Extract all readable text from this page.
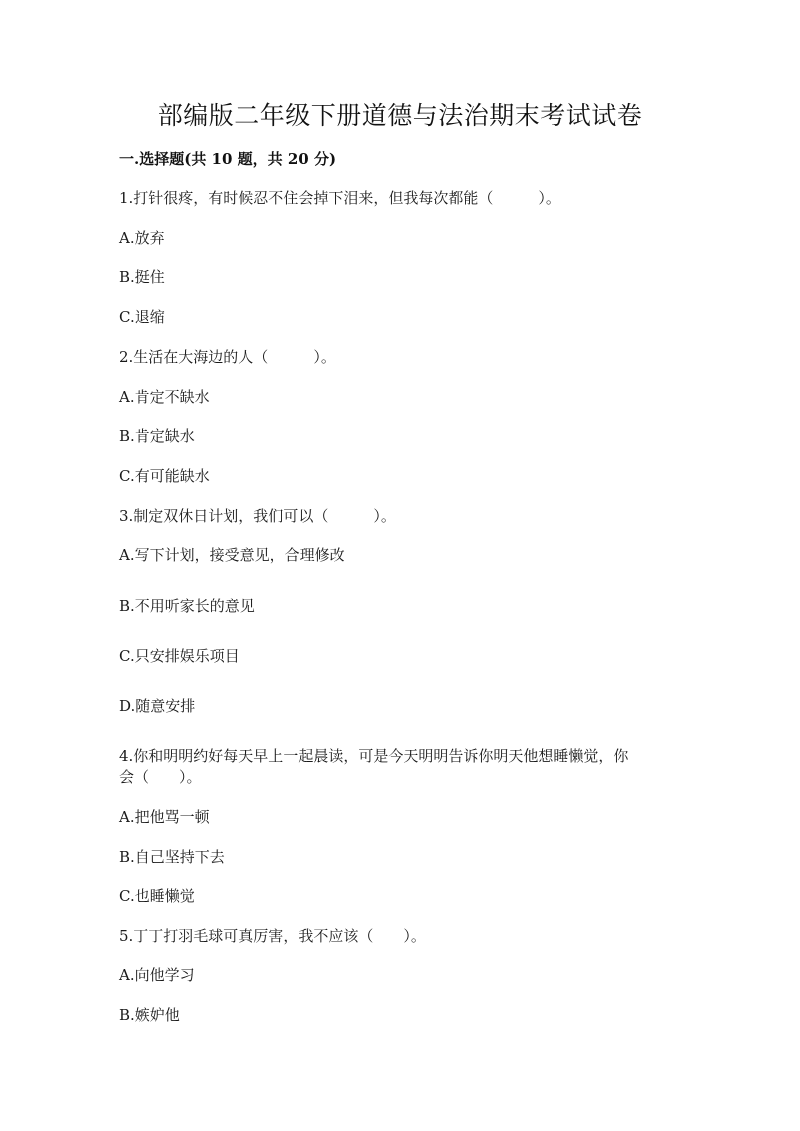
部编版二年级下册道德与法治期末考试试卷
一.选择题(共 10 题，共 20 分)
1.打针很疼，有时候忍不住会掉下泪来，但我每次都能（　　　）。
A.放弃
B.挺住
C.退缩
2.生活在大海边的人（　　　）。
A.肯定不缺水
B.肯定缺水
C.有可能缺水
3.制定双休日计划，我们可以（　　　）。
A.写下计划，接受意见，合理修改
B.不用听家长的意见
C.只安排娱乐项目
D.随意安排
4.你和明明约好每天早上一起晨读，可是今天明明告诉你明天他想睡懒觉，你
会（　　）。
A.把他骂一顿
B.自己坚持下去
C.也睡懒觉
5.丁丁打羽毛球可真厉害，我不应该（　　）。
A.向他学习
B.嫉妒他
